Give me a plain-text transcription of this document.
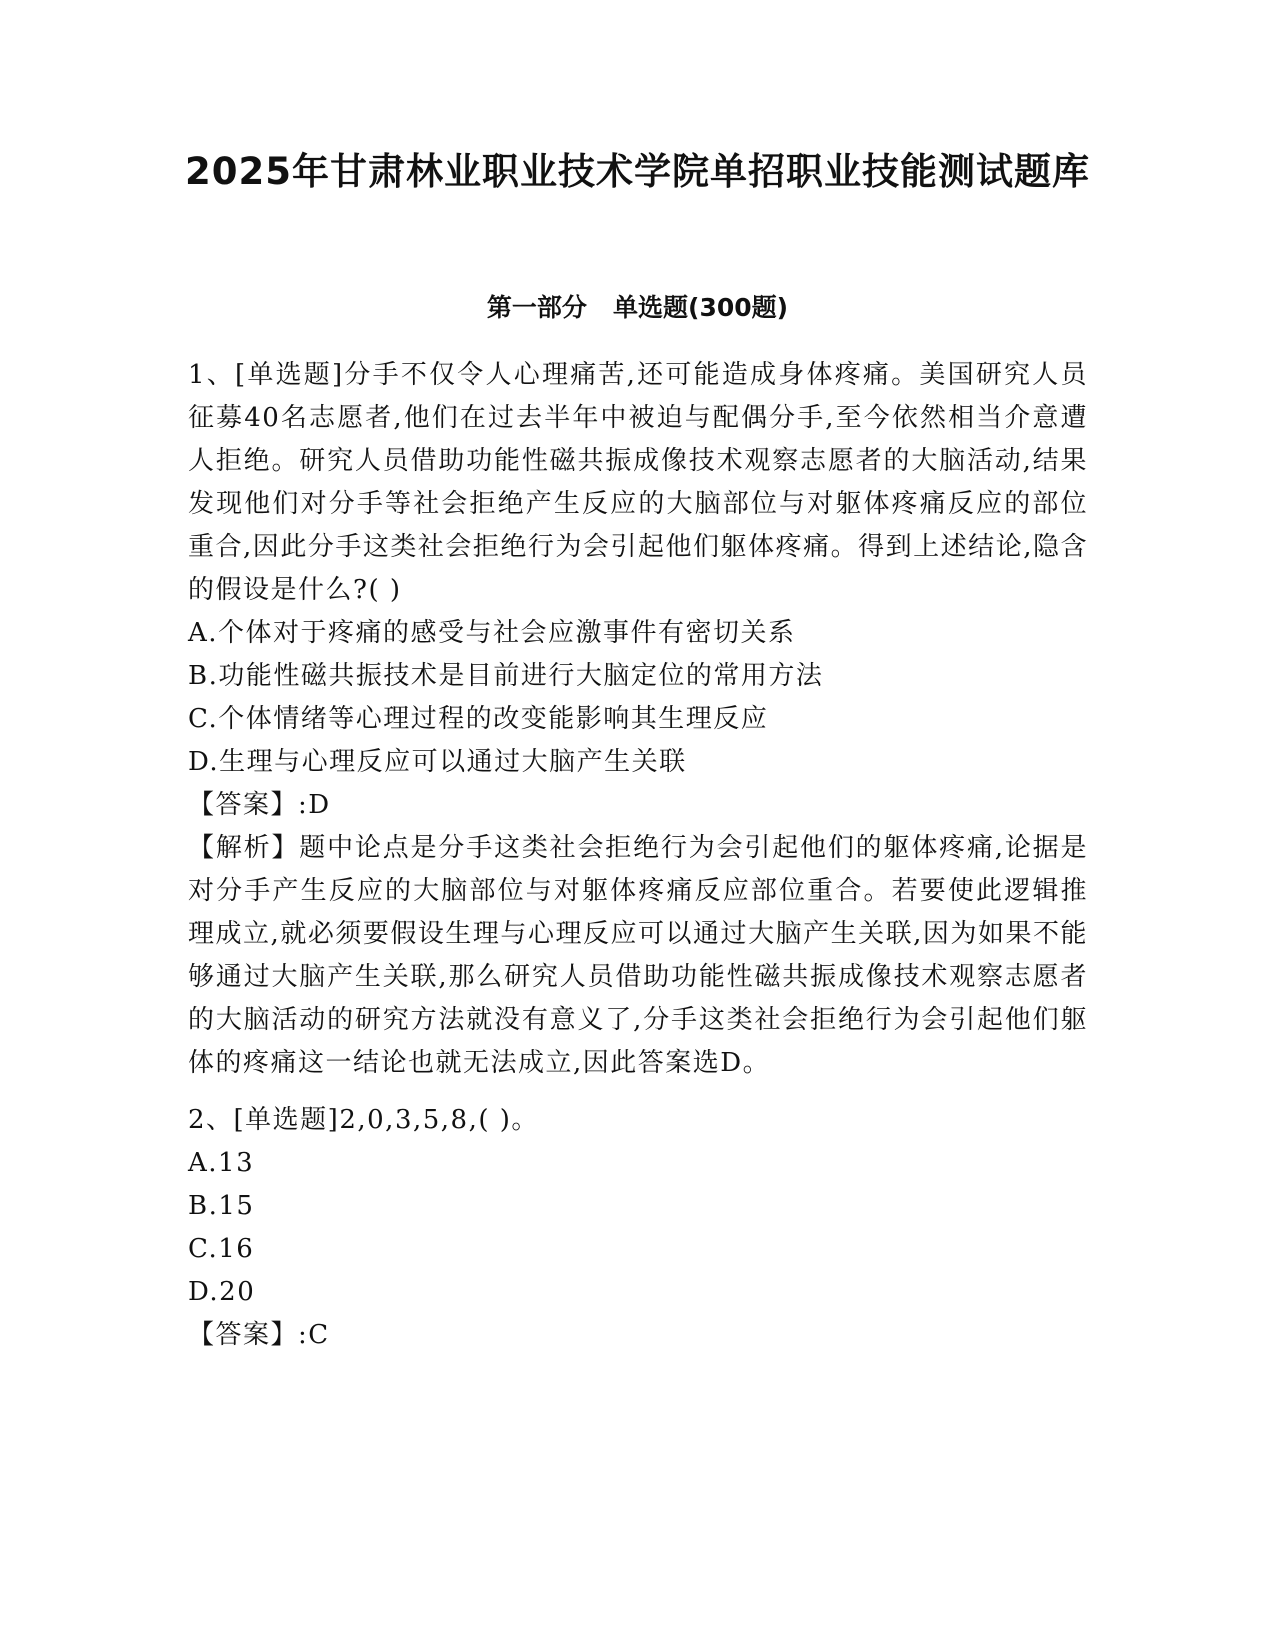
2025年甘肃林业职业技术学院单招职业技能测试题库
第一部分   单选题(300题)
1、[单选题]分手不仅令人心理痛苦,还可能造成身体疼痛。美国研究人员征募40名志愿者,他们在过去半年中被迫与配偶分手,至今依然相当介意遭人拒绝。研究人员借助功能性磁共振成像技术观察志愿者的大脑活动,结果发现他们对分手等社会拒绝产生反应的大脑部位与对躯体疼痛反应的部位重合,因此分手这类社会拒绝行为会引起他们躯体疼痛。得到上述结论,隐含的假设是什么?( )
A.个体对于疼痛的感受与社会应激事件有密切关系
B.功能性磁共振技术是目前进行大脑定位的常用方法
C.个体情绪等心理过程的改变能影响其生理反应
D.生理与心理反应可以通过大脑产生关联
【答案】:D
【解析】题中论点是分手这类社会拒绝行为会引起他们的躯体疼痛,论据是对分手产生反应的大脑部位与对躯体疼痛反应部位重合。若要使此逻辑推理成立,就必须要假设生理与心理反应可以通过大脑产生关联,因为如果不能够通过大脑产生关联,那么研究人员借助功能性磁共振成像技术观察志愿者的大脑活动的研究方法就没有意义了,分手这类社会拒绝行为会引起他们躯体的疼痛这一结论也就无法成立,因此答案选D。
2、[单选题]2,0,3,5,8,( )。
A.13
B.15
C.16
D.20
【答案】:C
